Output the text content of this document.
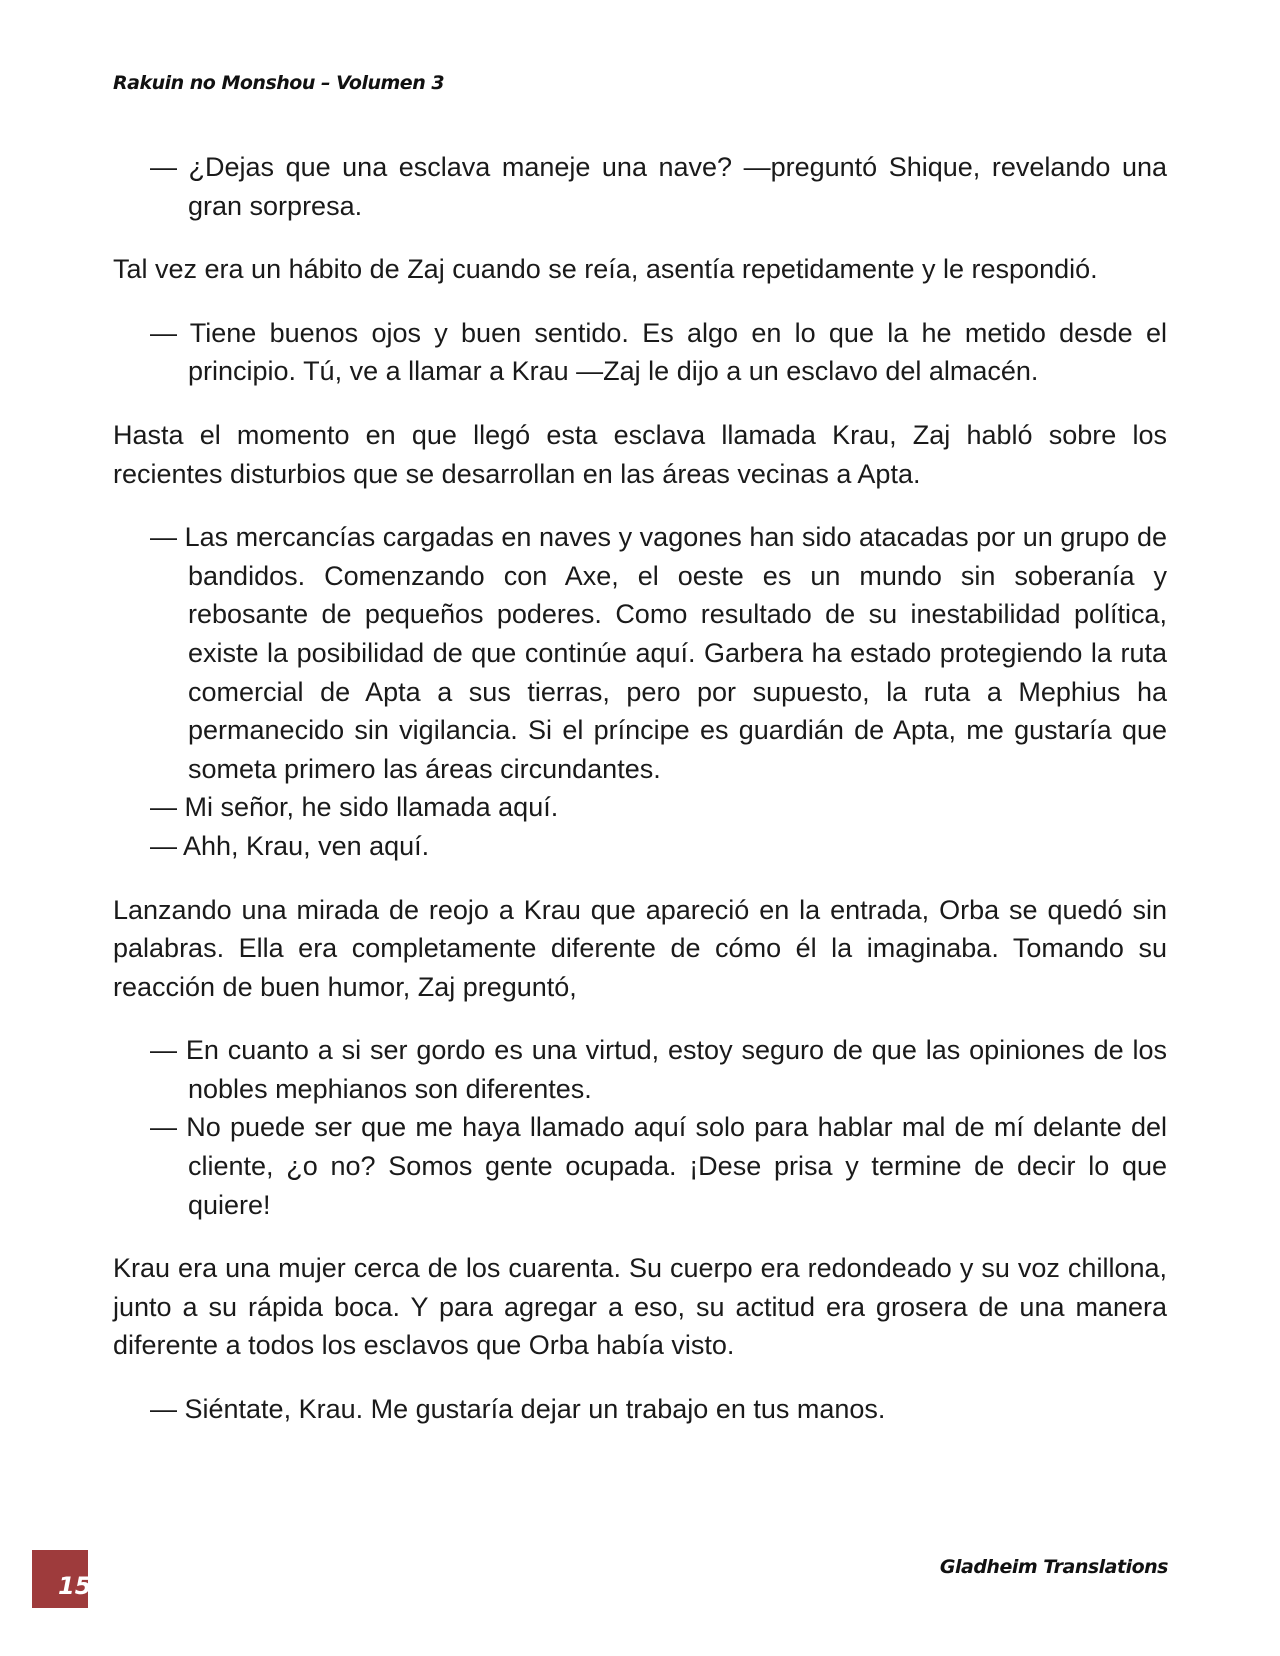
Rakuin no Monshou – Volumen 3

— ¿Dejas que una esclava maneje una nave? —preguntó Shique, revelando una gran sorpresa.

Tal vez era un hábito de Zaj cuando se reía, asentía repetidamente y le respondió.

— Tiene buenos ojos y buen sentido. Es algo en lo que la he metido desde el principio. Tú, ve a llamar a Krau —Zaj le dijo a un esclavo del almacén.

Hasta el momento en que llegó esta esclava llamada Krau, Zaj habló sobre los recientes disturbios que se desarrollan en las áreas vecinas a Apta.

— Las mercancías cargadas en naves y vagones han sido atacadas por un grupo de bandidos. Comenzando con Axe, el oeste es un mundo sin soberanía y rebosante de pequeños poderes. Como resultado de su inestabilidad política, existe la posibilidad de que continúe aquí. Garbera ha estado protegiendo la ruta comercial de Apta a sus tierras, pero por supuesto, la ruta a Mephius ha permanecido sin vigilancia. Si el príncipe es guardián de Apta, me gustaría que someta primero las áreas circundantes.

— Mi señor, he sido llamada aquí.

— Ahh, Krau, ven aquí.

Lanzando una mirada de reojo a Krau que apareció en la entrada, Orba se quedó sin palabras. Ella era completamente diferente de cómo él la imaginaba. Tomando su reacción de buen humor, Zaj preguntó,

— En cuanto a si ser gordo es una virtud, estoy seguro de que las opiniones de los nobles mephianos son diferentes.

— No puede ser que me haya llamado aquí solo para hablar mal de mí delante del cliente, ¿o no? Somos gente ocupada. ¡Dese prisa y termine de decir lo que quiere!

Krau era una mujer cerca de los cuarenta. Su cuerpo era redondeado y su voz chillona, junto a su rápida boca. Y para agregar a eso, su actitud era grosera de una manera diferente a todos los esclavos que Orba había visto.

— Siéntate, Krau. Me gustaría dejar un trabajo en tus manos.

15
Gladheim Translations
